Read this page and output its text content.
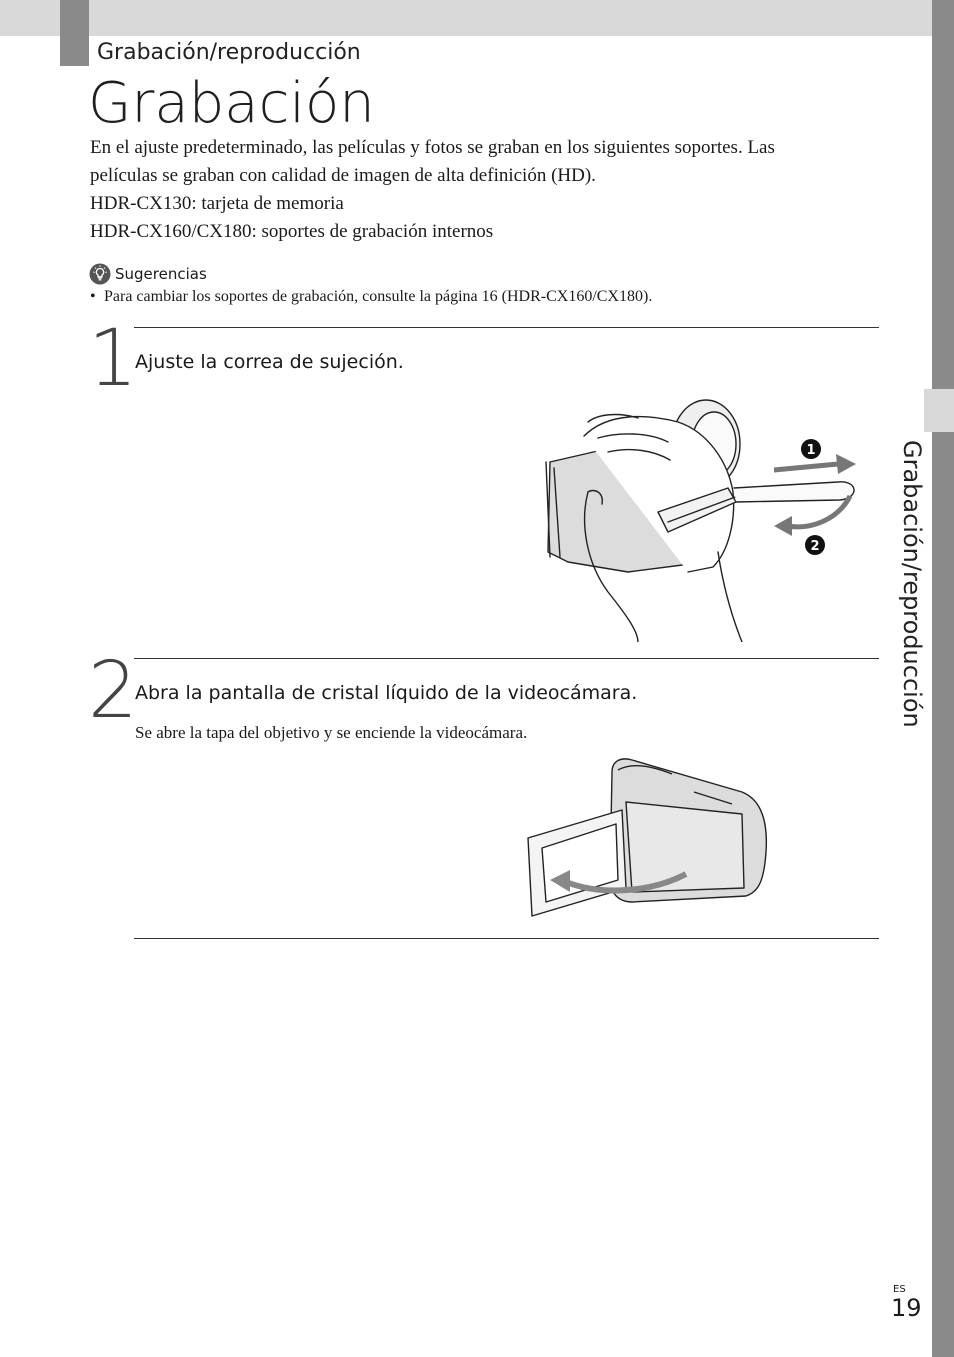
Grabación/reproducción
Grabación

En el ajuste predeterminado, las películas y fotos se graban en los siguientes soportes. Las
películas se graban con calidad de imagen de alta definición (HD).
HDR-CX130: tarjeta de memoria
HDR-CX160/CX180: soportes de grabación internos

Sugerencias

• Para cambiar los soportes de grabación, consulte la página 16 (HDR-CX160/CX180).

1
Ajuste la correa de sujeción.
1
2
2
Abra la pantalla de cristal líquido de la videocámara.

Se abre la tapa del objetivo y se enciende la videocámara.

Grabación/reproducción
ES
19
